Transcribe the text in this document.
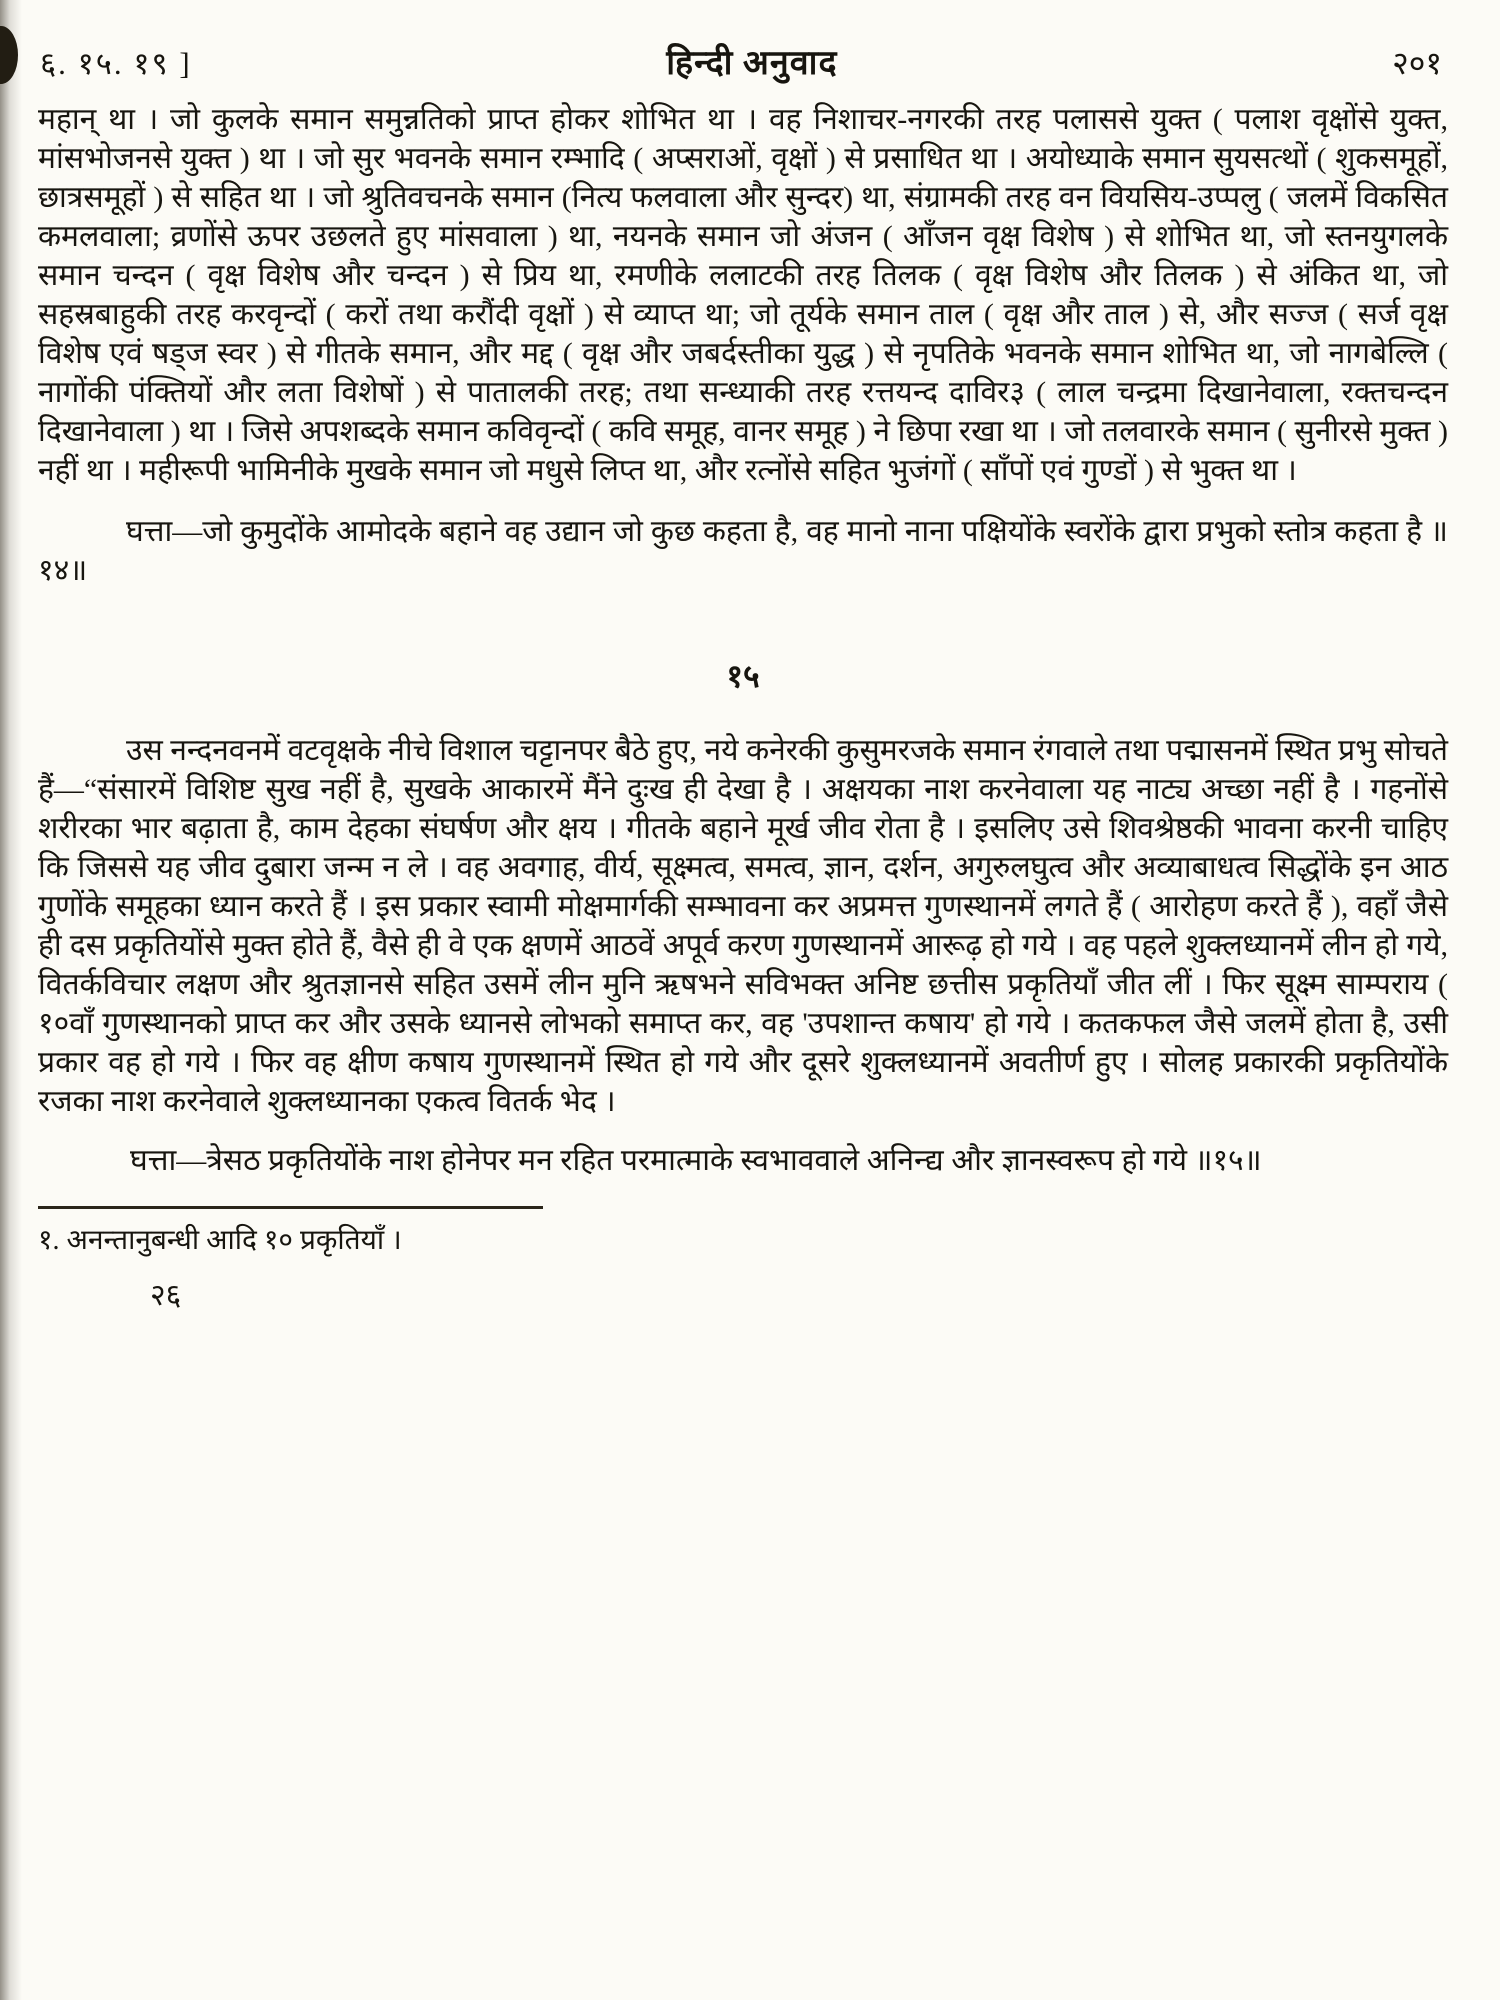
६. १५. १९ ]	हिन्दी अनुवाद	२०१

महान् था । जो कुलके समान समुन्नतिको प्राप्त होकर शोभित था । वह निशाचर-नगरकी तरह पलाससे युक्त ( पलाश वृक्षोंसे युक्त, मांसभोजनसे युक्त ) था । जो सुर भवनके समान रम्भादि ( अप्सराओं, वृक्षों ) से प्रसाधित था । अयोध्याके समान सुयसत्थों ( शुकसमूहों, छात्रसमूहों ) से सहित था । जो श्रुतिवचनके समान (नित्य फलवाला और सुन्दर) था, संग्रामकी तरह वन वियसिय-उप्पलु ( जलमें विकसित कमलवाला; व्रणोंसे ऊपर उछलते हुए मांसवाला ) था, नयनके समान जो अंजन ( आँजन वृक्ष विशेष ) से शोभित था, जो स्तनयुगलके समान चन्दन ( वृक्ष विशेष और चन्दन ) से प्रिय था, रमणीके ललाटकी तरह तिलक ( वृक्ष विशेष और तिलक ) से अंकित था, जो सहस्रबाहुकी तरह करवृन्दों ( करों तथा करौंदी वृक्षों ) से व्याप्त था; जो तूर्यके समान ताल ( वृक्ष और ताल ) से, और सज्ज ( सर्ज वृक्ष विशेष एवं षड्ज स्वर ) से गीतके समान, और मद्द ( वृक्ष और जबर्दस्तीका युद्ध ) से नृपतिके भवनके समान शोभित था, जो नागबेल्लि ( नागोंकी पंक्तियों और लता विशेषों ) से पातालकी तरह; तथा सन्ध्याकी तरह रत्तयन्द दाविर३ ( लाल चन्द्रमा दिखानेवाला, रक्तचन्दन दिखानेवाला ) था । जिसे अपशब्दके समान कविवृन्दों ( कवि समूह, वानर समूह ) ने छिपा रखा था । जो तलवारके समान ( सुनीरसे मुक्त ) नहीं था । महीरूपी भामिनीके मुखके समान जो मधुसे लिप्त था, और रत्नोंसे सहित भुजंगों ( साँपों एवं गुण्डों ) से भुक्त था ।

घत्ता—जो कुमुदोंके आमोदके बहाने वह उद्यान जो कुछ कहता है, वह मानो नाना पक्षियोंके स्वरोंके द्वारा प्रभुको स्तोत्र कहता है ॥१४॥

१५

उस नन्दनवनमें वटवृक्षके नीचे विशाल चट्टानपर बैठे हुए, नये कनेरकी कुसुमरजके समान रंगवाले तथा पद्मासनमें स्थित प्रभु सोचते हैं—“संसारमें विशिष्ट सुख नहीं है, सुखके आकारमें मैंने दुःख ही देखा है । अक्षयका नाश करनेवाला यह नाट्य अच्छा नहीं है । गहनोंसे शरीरका भार बढ़ाता है, काम देहका संघर्षण और क्षय । गीतके बहाने मूर्ख जीव रोता है । इसलिए उसे शिवश्रेष्ठकी भावना करनी चाहिए कि जिससे यह जीव दुबारा जन्म न ले । वह अवगाह, वीर्य, सूक्ष्मत्व, समत्व, ज्ञान, दर्शन, अगुरुलघुत्व और अव्याबाधत्व सिद्धोंके इन आठ गुणोंके समूहका ध्यान करते हैं । इस प्रकार स्वामी मोक्षमार्गकी सम्भावना कर अप्रमत्त गुणस्थानमें लगते हैं ( आरोहण करते हैं ), वहाँ जैसे ही दस प्रकृतियोंसे मुक्त होते हैं, वैसे ही वे एक क्षणमें आठवें अपूर्व करण गुणस्थानमें आरूढ़ हो गये । वह पहले शुक्लध्यानमें लीन हो गये, वितर्कविचार लक्षण और श्रुतज्ञानसे सहित उसमें लीन मुनि ऋषभने सविभक्त अनिष्ट छत्तीस प्रकृतियाँ जीत लीं । फिर सूक्ष्म साम्पराय ( १०वाँ गुणस्थानको प्राप्त कर और उसके ध्यानसे लोभको समाप्त कर, वह 'उपशान्त कषाय' हो गये । कतकफल जैसे जलमें होता है, उसी प्रकार वह हो गये । फिर वह क्षीण कषाय गुणस्थानमें स्थित हो गये और दूसरे शुक्लध्यानमें अवतीर्ण हुए । सोलह प्रकारकी प्रकृतियोंके रजका नाश करनेवाले शुक्लध्यानका एकत्व वितर्क भेद ।

घत्ता—त्रेसठ प्रकृतियोंके नाश होनेपर मन रहित परमात्माके स्वभाववाले अनिन्द्य और ज्ञानस्वरूप हो गये ॥१५॥

१. अनन्तानुबन्धी आदि १० प्रकृतियाँ ।

२६
